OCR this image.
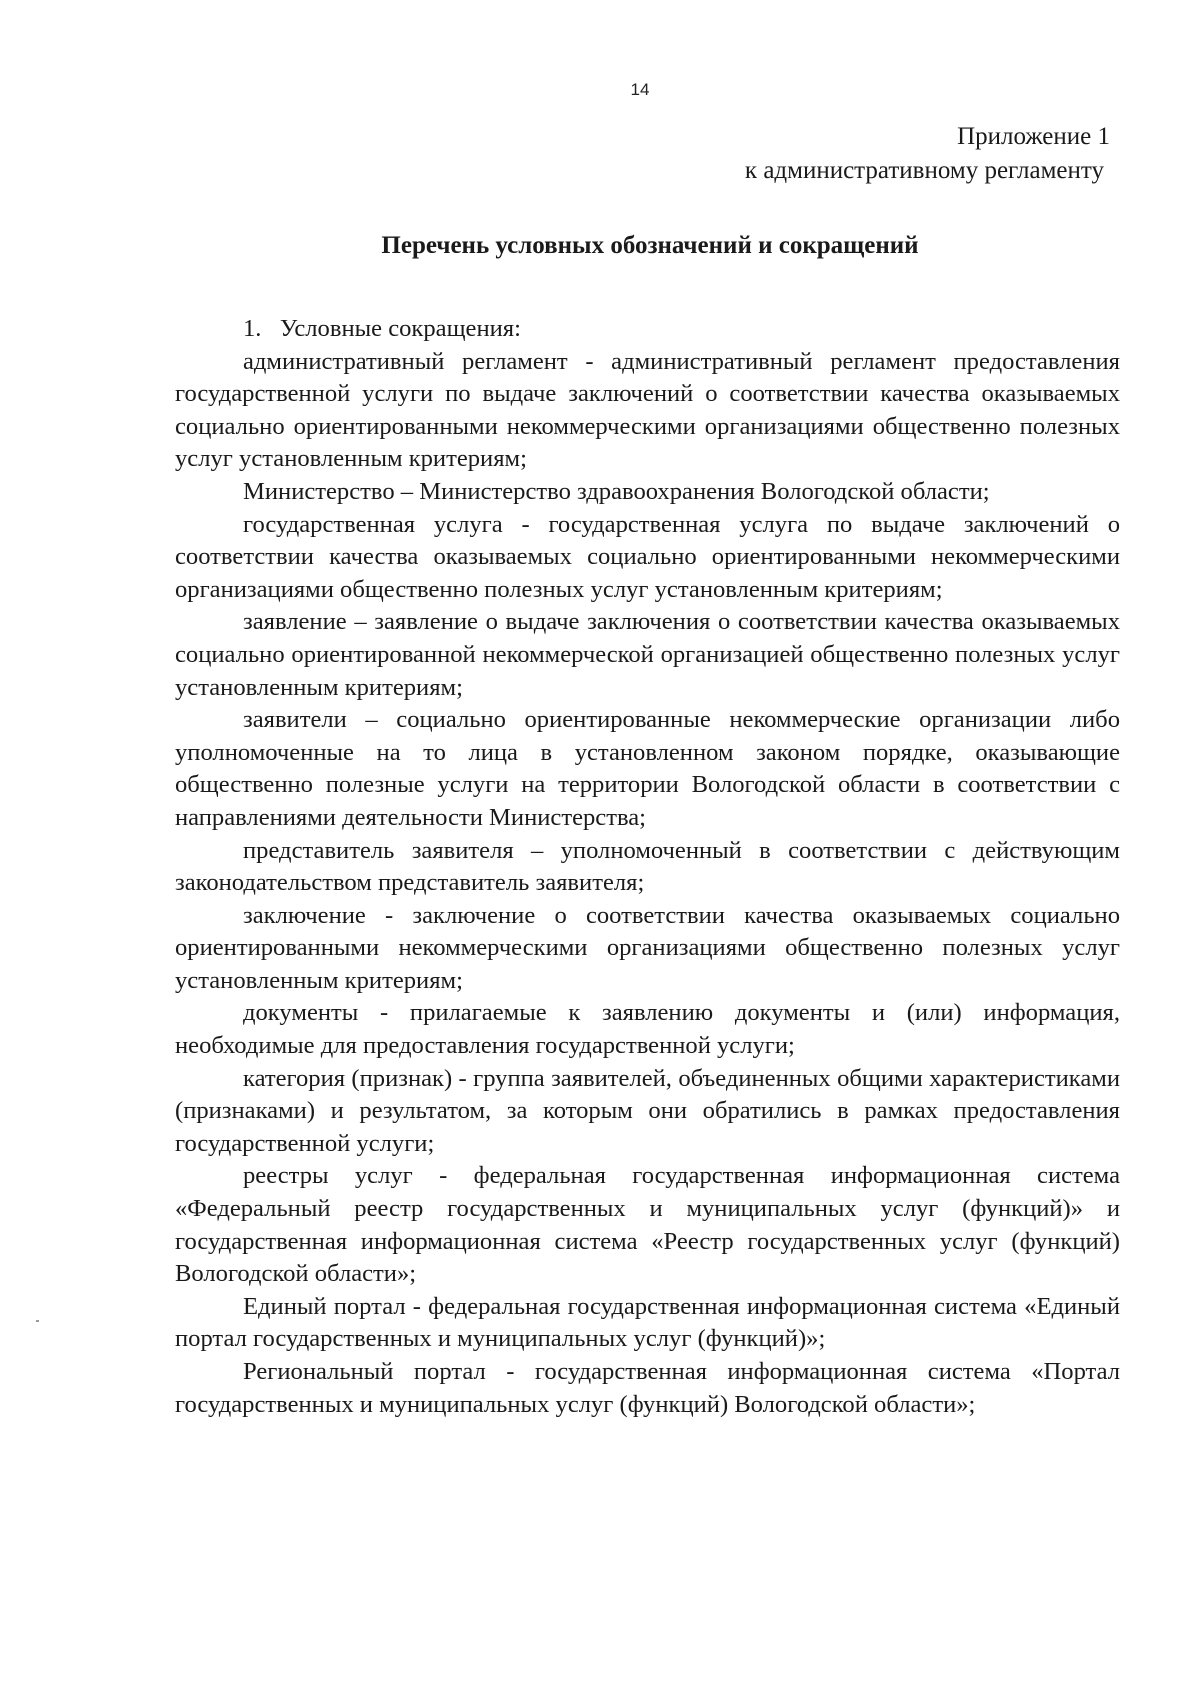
14
Приложение 1
к административному регламенту
Перечень условных обозначений и сокращений
1. Условные сокращения:

административный регламент - административный регламент предоставления государственной услуги по выдаче заключений о соответствии качества оказываемых социально ориентированными некоммерческими организациями общественно полезных услуг установленным критериям;

Министерство – Министерство здравоохранения Вологодской области;

государственная услуга - государственная услуга по выдаче заключений о соответствии качества оказываемых социально ориентированными некоммерческими организациями общественно полезных услуг установленным критериям;

заявление – заявление о выдаче заключения о соответствии качества оказываемых социально ориентированной некоммерческой организацией общественно полезных услуг установленным критериям;

заявители – социально ориентированные некоммерческие организации либо уполномоченные на то лица в установленном законом порядке, оказывающие общественно полезные услуги на территории Вологодской области в соответствии с направлениями деятельности Министерства;

представитель заявителя – уполномоченный в соответствии с действующим законодательством представитель заявителя;

заключение - заключение о соответствии качества оказываемых социально ориентированными некоммерческими организациями общественно полезных услуг установленным критериям;

документы - прилагаемые к заявлению документы и (или) информация, необходимые для предоставления государственной услуги;

категория (признак) - группа заявителей, объединенных общими характеристиками (признаками) и результатом, за которым они обратились в рамках предоставления государственной услуги;

реестры услуг - федеральная государственная информационная система «Федеральный реестр государственных и муниципальных услуг (функций)» и государственная информационная система «Реестр государственных услуг (функций) Вологодской области»;

Единый портал - федеральная государственная информационная система «Единый портал государственных и муниципальных услуг (функций)»;

Региональный портал - государственная информационная система «Портал государственных и муниципальных услуг (функций) Вологодской области»;
